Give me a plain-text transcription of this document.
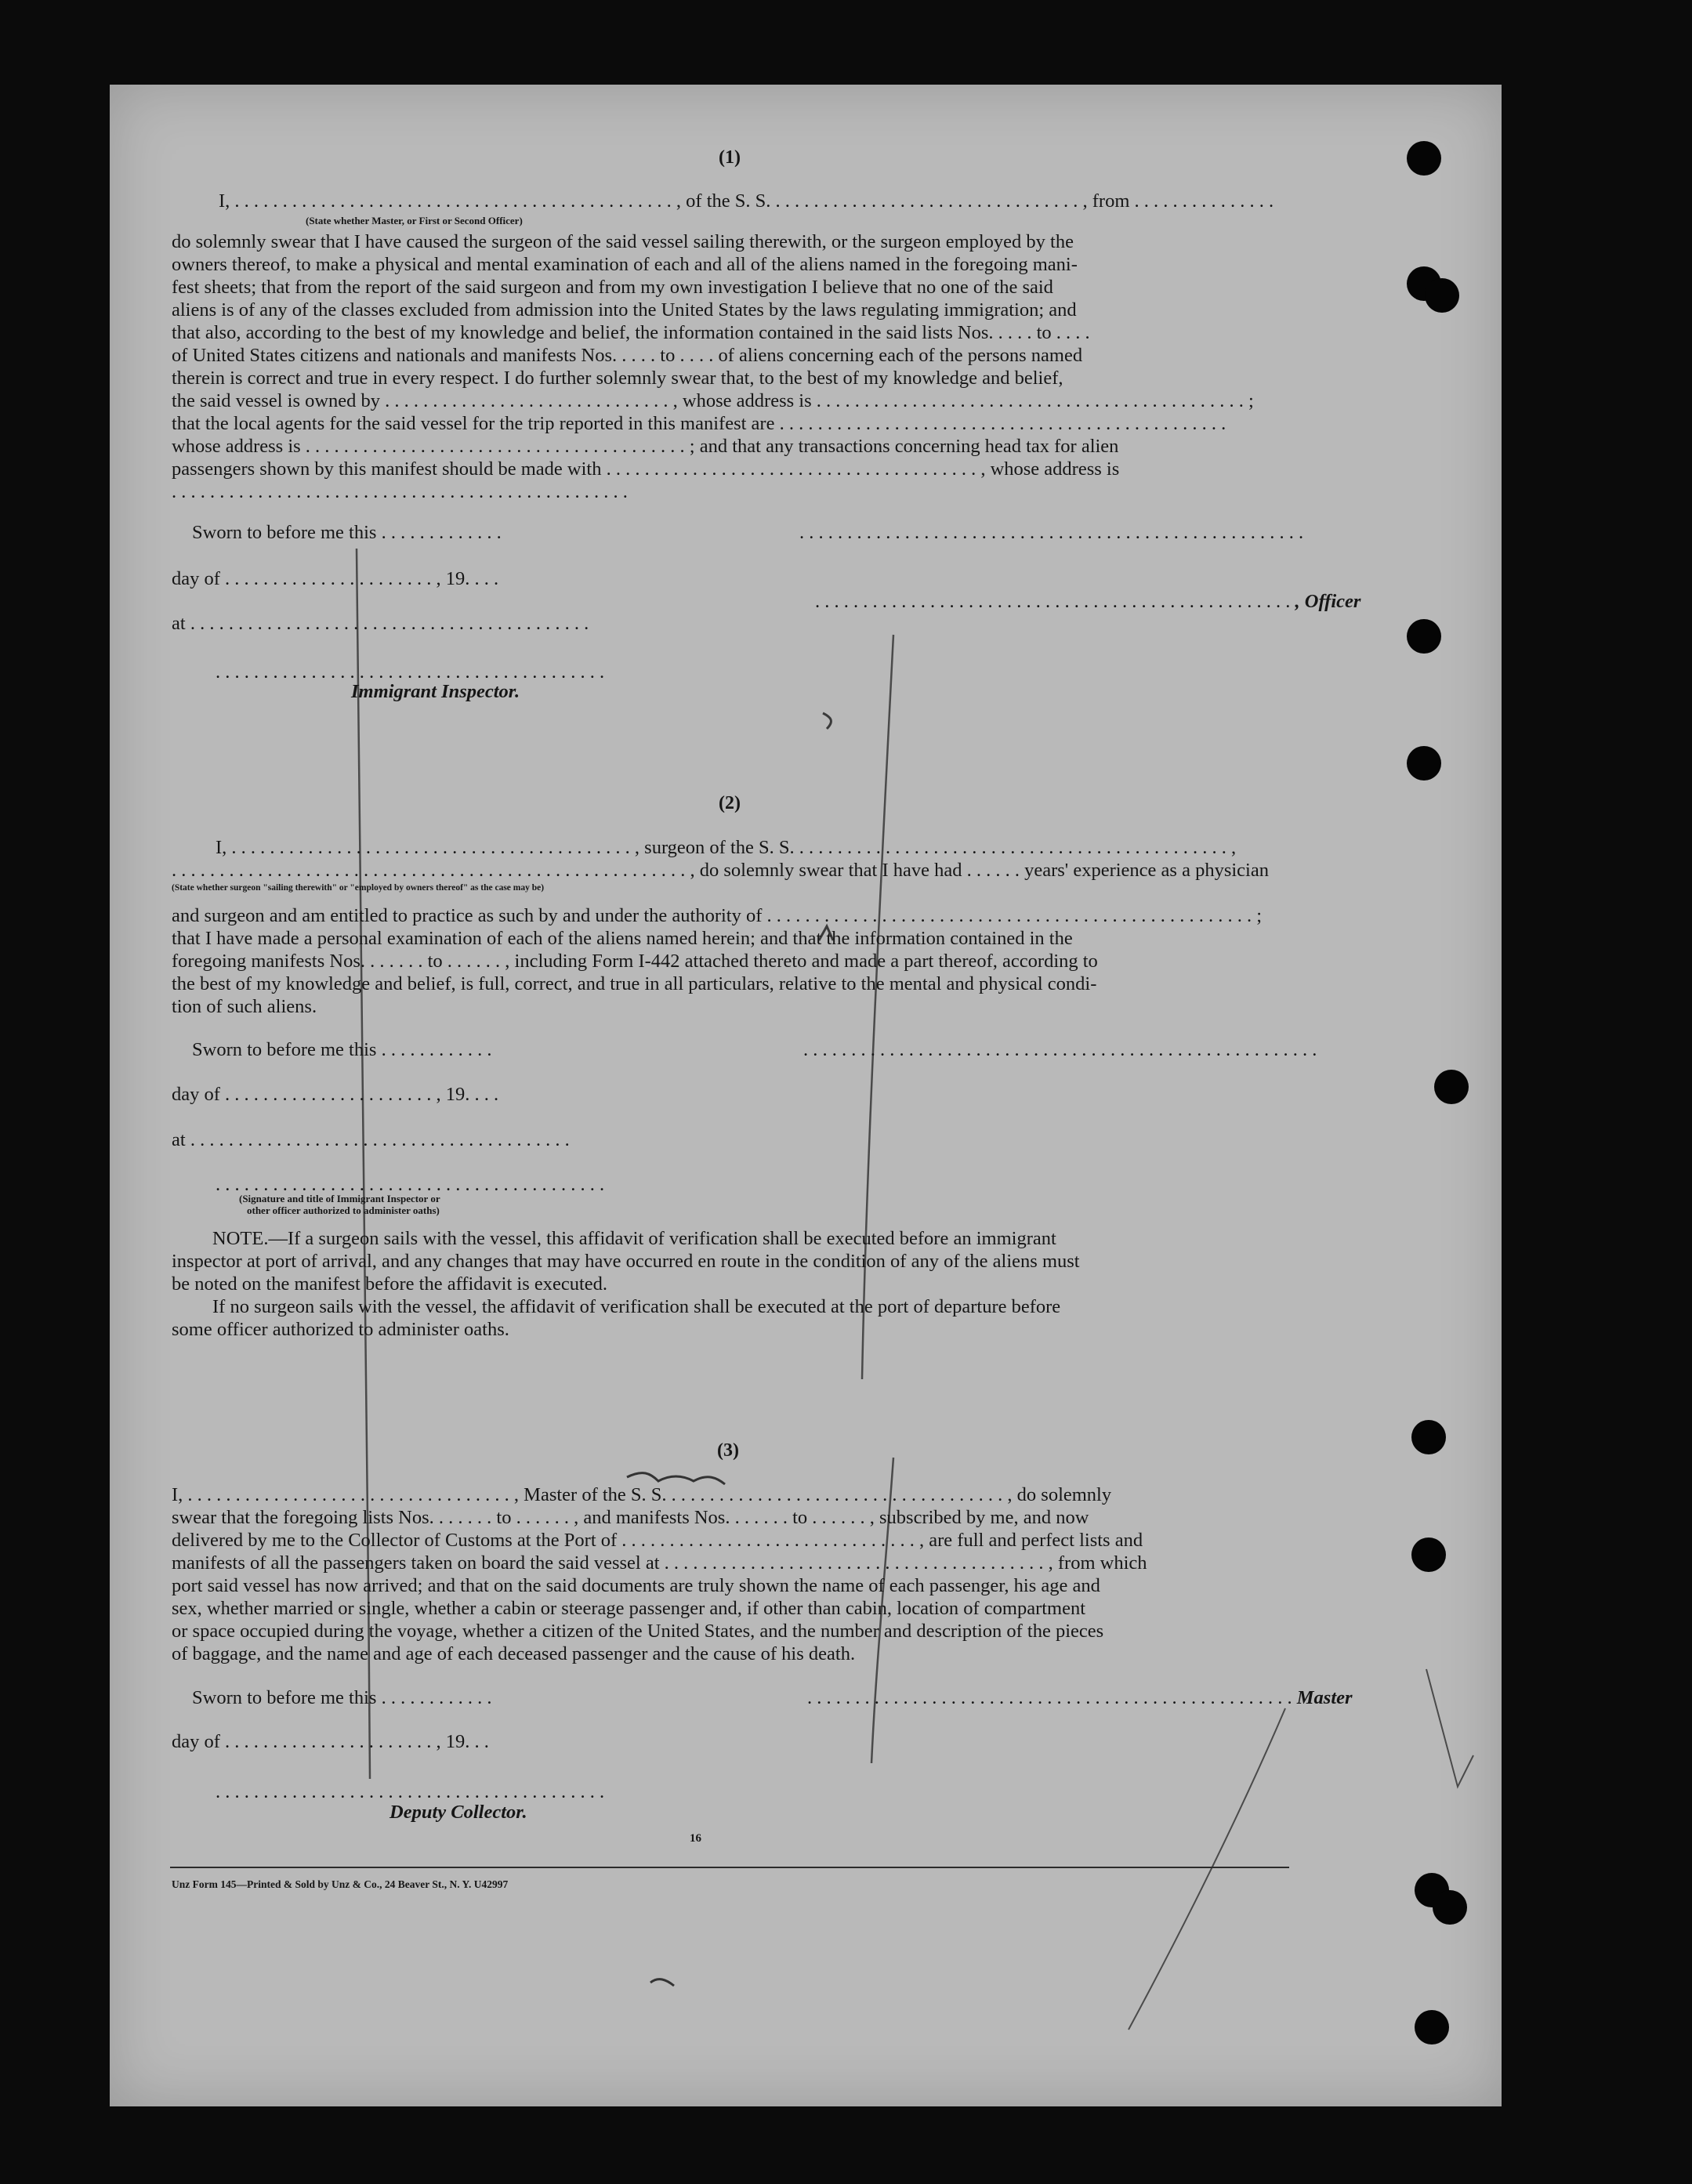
(1)
I, . . . . . . . . . . . . . . . . . . . . . . . . . . . . . . . . . . . . . . . . . . . . . . , of the S. S. . . . . . . . . . . . . . . . . . . . . . . . . . . . . . . . . , from . . . . . . . . . . . . . . .
(State whether Master, or First or Second Officer)
do solemnly swear that I have caused the surgeon of the said vessel sailing therewith, or the surgeon employed by the
owners thereof, to make a physical and mental examination of each and all of the aliens named in the foregoing mani-
fest sheets; that from the report of the said surgeon and from my own investigation I believe that no one of the said
aliens is of any of the classes excluded from admission into the United States by the laws regulating immigration; and
that also, according to the best of my knowledge and belief, the information contained in the said lists Nos. . . . . to . . . .
of United States citizens and nationals and manifests Nos. . . . . to . . . . of aliens concerning each of the persons named
therein is correct and true in every respect. I do further solemnly swear that, to the best of my knowledge and belief,
the said vessel is owned by . . . . . . . . . . . . . . . . . . . . . . . . . . . . . . , whose address is . . . . . . . . . . . . . . . . . . . . . . . . . . . . . . . . . . . . . . . . . . . . . ;
that the local agents for the said vessel for the trip reported in this manifest are . . . . . . . . . . . . . . . . . . . . . . . . . . . . . . . . . . . . . . . . . . . . . . .
whose address is . . . . . . . . . . . . . . . . . . . . . . . . . . . . . . . . . . . . . . . . ; and that any transactions concerning head tax for alien
passengers shown by this manifest should be made with . . . . . . . . . . . . . . . . . . . . . . . . . . . . . . . . . . . . . . . , whose address is
. . . . . . . . . . . . . . . . . . . . . . . . . . . . . . . . . . . . . . . . . . . . . . . .
Sworn to before me this . . . . . . . . . . . . .	. . . . . . . . . . . . . . . . . . . . . . . . . . . . . . . . . . . . . . . . . . . . . . . . . . . . .
day of . . . . . . . . . . . . . . . . . . . . . . , 19. . . .
at . . . . . . . . . . . . . . . . . . . . . . . . . . . . . . . . . . . . . . . . . .
. . . . . . . . . . . . . . . . . . . . . . . . . . . . . . . . . . . . . . . . . . . . . . . . . . , Officer
. . . . . . . . . . . . . . . . . . . . . . . . . . . . . . . . . . . . . . . . .
Immigrant Inspector.
(2)
I, . . . . . . . . . . . . . . . . . . . . . . . . . . . . . . . . . . . . . . . . . . , surgeon of the S. S. . . . . . . . . . . . . . . . . . . . . . . . . . . . . . . . . . . . . . . . . . . . . . ,
. . . . . . . . . . . . . . . . . . . . . . . . . . . . . . . . . . . . . . . . . . . . . . . . . . . . . . , do solemnly swear that I have had . . . . . . years' experience as a physician
(State whether surgeon "sailing therewith" or "employed by owners thereof" as the case may be)
and surgeon and am entitled to practice as such by and under the authority of . . . . . . . . . . . . . . . . . . . . . . . . . . . . . . . . . . . . . . . . . . . . . . . . . . . ;
that I have made a personal examination of each of the aliens named herein; and that the information contained in the
foregoing manifests Nos. . . . . . . to . . . . . . , including Form I-442 attached thereto and made a part thereof, according to
the best of my knowledge and belief, is full, correct, and true in all particulars, relative to the mental and physical condi-
tion of such aliens.
Sworn to before me this . . . . . . . . . . . .	. . . . . . . . . . . . . . . . . . . . . . . . . . . . . . . . . . . . . . . . . . . . . . . . . . . . . .
day of . . . . . . . . . . . . . . . . . . . . . . , 19. . . .
at . . . . . . . . . . . . . . . . . . . . . . . . . . . . . . . . . . . . . . . .
. . . . . . . . . . . . . . . . . . . . . . . . . . . . . . . . . . . . . . . . .
(Signature and title of Immigrant Inspector or
other officer authorized to administer oaths)
NOTE.—If a surgeon sails with the vessel, this affidavit of verification shall be executed before an immigrant
inspector at port of arrival, and any changes that may have occurred en route in the condition of any of the aliens must
be noted on the manifest before the affidavit is executed.
If no surgeon sails with the vessel, the affidavit of verification shall be executed at the port of departure before
some officer authorized to administer oaths.
(3)
I, . . . . . . . . . . . . . . . . . . . . . . . . . . . . . . . . . . , Master of the S. S. . . . . . . . . . . . . . . . . . . . . . . . . . . . . . . . . . . . , do solemnly
swear that the foregoing lists Nos. . . . . . . to . . . . . . , and manifests Nos. . . . . . . to . . . . . . , subscribed by me, and now
delivered by me to the Collector of Customs at the Port of . . . . . . . . . . . . . . . . . . . . . . . . . . . . . . . , are full and perfect lists and
manifests of all the passengers taken on board the said vessel at . . . . . . . . . . . . . . . . . . . . . . . . . . . . . . . . . . . . . . . . , from which
port said vessel has now arrived; and that on the said documents are truly shown the name of each passenger, his age and
sex, whether married or single, whether a cabin or steerage passenger and, if other than cabin, location of compartment
or space occupied during the voyage, whether a citizen of the United States, and the number and description of the pieces
of baggage, and the name and age of each deceased passenger and the cause of his death.
Sworn to before me this . . . . . . . . . . . .	. . . . . . . . . . . . . . . . . . . . . . . . . . . . . . . . . . . . . . . . . . . . . . . . . . . Master
day of . . . . . . . . . . . . . . . . . . . . . . , 19. . .
. . . . . . . . . . . . . . . . . . . . . . . . . . . . . . . . . . . . . . . . .
Deputy Collector.
16
Unz Form 145—Printed & Sold by Unz & Co., 24 Beaver St., N. Y. U42997
